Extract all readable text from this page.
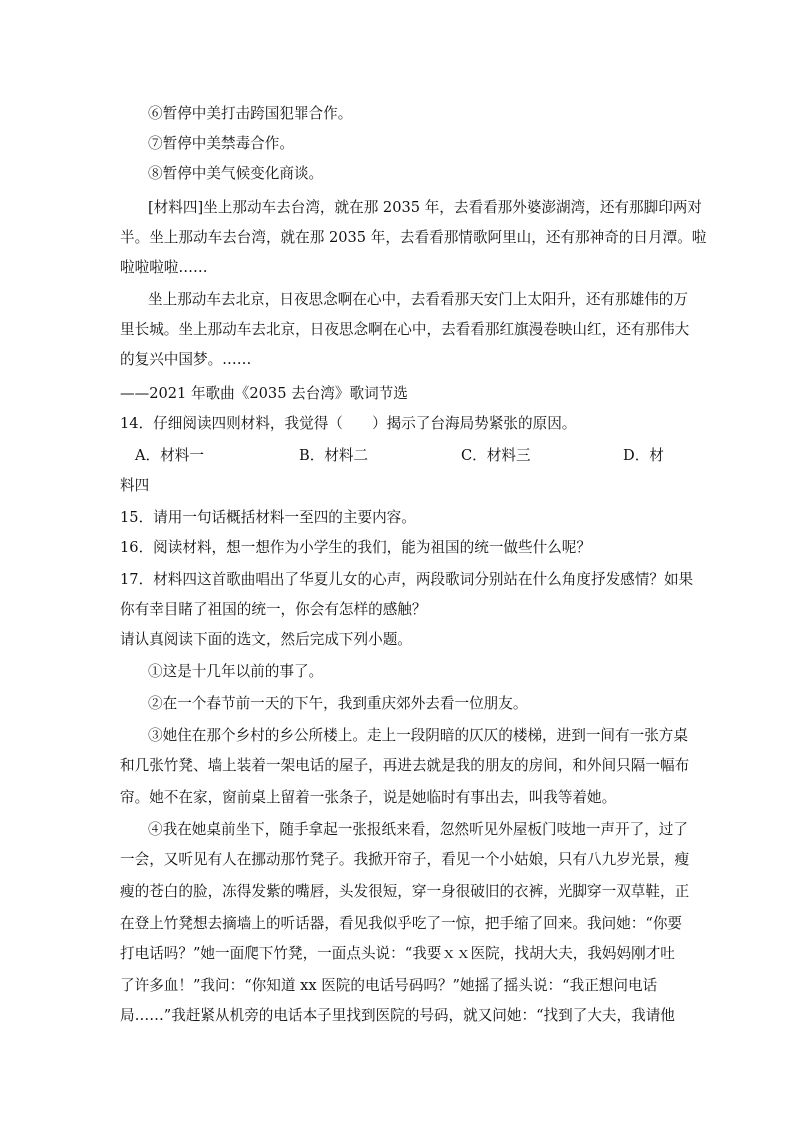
⑥暂停中美打击跨国犯罪合作。
⑦暂停中美禁毒合作。
⑧暂停中美气候变化商谈。
[材料四]坐上那动车去台湾，就在那 2035 年，去看看那外婆澎湖湾，还有那脚印两对
半。坐上那动车去台湾，就在那 2035 年，去看看那情歌阿里山，还有那神奇的日月潭。啦
啦啦啦啦……
坐上那动车去北京，日夜思念啊在心中，去看看那天安门上太阳升，还有那雄伟的万
里长城。坐上那动车去北京，日夜思念啊在心中，去看看那红旗漫卷映山红，还有那伟大
的复兴中国梦。……
——2021 年歌曲《2035 去台湾》歌词节选
14．仔细阅读四则材料，我觉得（　　）揭示了台海局势紧张的原因。
A．材料一	B．材料二	C．材料三	D．材
料四
15．请用一句话概括材料一至四的主要内容。
16．阅读材料，想一想作为小学生的我们，能为祖国的统一做些什么呢？
17．材料四这首歌曲唱出了华夏儿女的心声，两段歌词分别站在什么角度抒发感情？如果
你有幸目睹了祖国的统一，你会有怎样的感触？
请认真阅读下面的选文，然后完成下列小题。
①这是十几年以前的事了。
②在一个春节前一天的下午，我到重庆郊外去看一位朋友。
③她住在那个乡村的乡公所楼上。走上一段阴暗的仄仄的楼梯，进到一间有一张方桌
和几张竹凳、墙上装着一架电话的屋子，再进去就是我的朋友的房间，和外间只隔一幅布
帘。她不在家，窗前桌上留着一张条子，说是她临时有事出去，叫我等着她。
④我在她桌前坐下，随手拿起一张报纸来看，忽然听见外屋板门吱地一声开了，过了
一会，又听见有人在挪动那竹凳子。我掀开帘子，看见一个小姑娘，只有八九岁光景，瘦
瘦的苍白的脸，冻得发紫的嘴唇，头发很短，穿一身很破旧的衣裤，光脚穿一双草鞋，正
在登上竹凳想去摘墙上的听话器，看见我似乎吃了一惊，把手缩了回来。我问她：“你要
打电话吗？”她一面爬下竹凳，一面点头说：“我要ｘｘ医院，找胡大夫，我妈妈刚才吐
了许多血！”我问：“你知道 xx 医院的电话号码吗？”她摇了摇头说：“我正想问电话
局……”我赶紧从机旁的电话本子里找到医院的号码，就又问她：“找到了大夫，我请他
